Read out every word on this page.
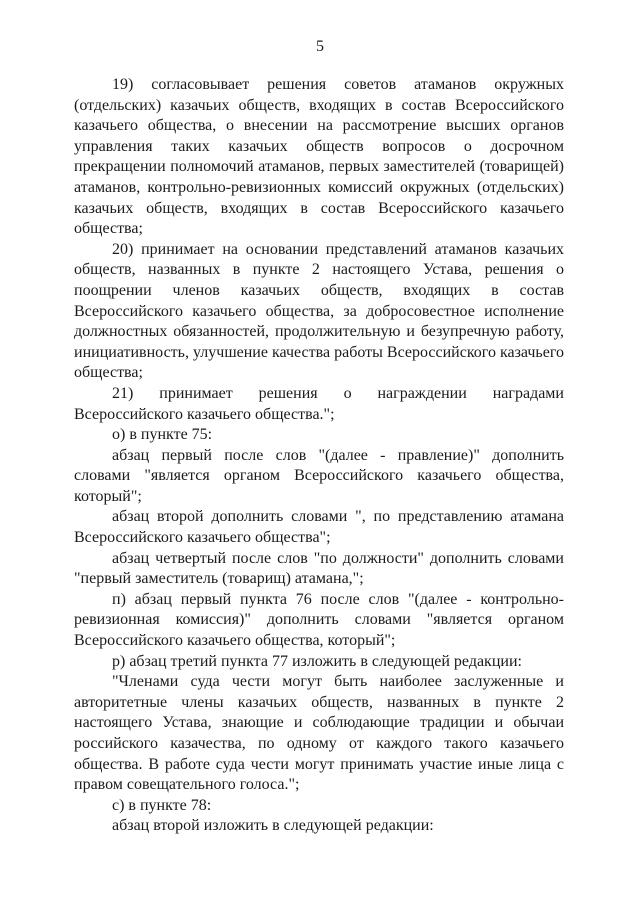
5

19) согласовывает решения советов атаманов окружных (отдельских) казачьих обществ, входящих в состав Всероссийского казачьего общества, о внесении на рассмотрение высших органов управления таких казачьих обществ вопросов о досрочном прекращении полномочий атаманов, первых заместителей (товарищей) атаманов, контрольно-ревизионных комиссий окружных (отдельских) казачьих обществ, входящих в состав Всероссийского казачьего общества;

20) принимает на основании представлений атаманов казачьих обществ, названных в пункте 2 настоящего Устава, решения о поощрении членов казачьих обществ, входящих в состав Всероссийского казачьего общества, за добросовестное исполнение должностных обязанностей, продолжительную и безупречную работу, инициативность, улучшение качества работы Всероссийского казачьего общества;

21) принимает решения о награждении наградами Всероссийского казачьего общества.";

о) в пункте 75:

абзац первый после слов "(далее - правление)" дополнить словами "является органом Всероссийского казачьего общества, который";

абзац второй дополнить словами ", по представлению атамана Всероссийского казачьего общества";

абзац четвертый после слов "по должности" дополнить словами "первый заместитель (товарищ) атамана,";

п) абзац первый пункта 76 после слов "(далее - контрольно-ревизионная комиссия)" дополнить словами "является органом Всероссийского казачьего общества, который";

р) абзац третий пункта 77 изложить в следующей редакции:

"Членами суда чести могут быть наиболее заслуженные и авторитетные члены казачьих обществ, названных в пункте 2 настоящего Устава, знающие и соблюдающие традиции и обычаи российского казачества, по одному от каждого такого казачьего общества. В работе суда чести могут принимать участие иные лица с правом совещательного голоса.";

с) в пункте 78:

абзац второй изложить в следующей редакции:
